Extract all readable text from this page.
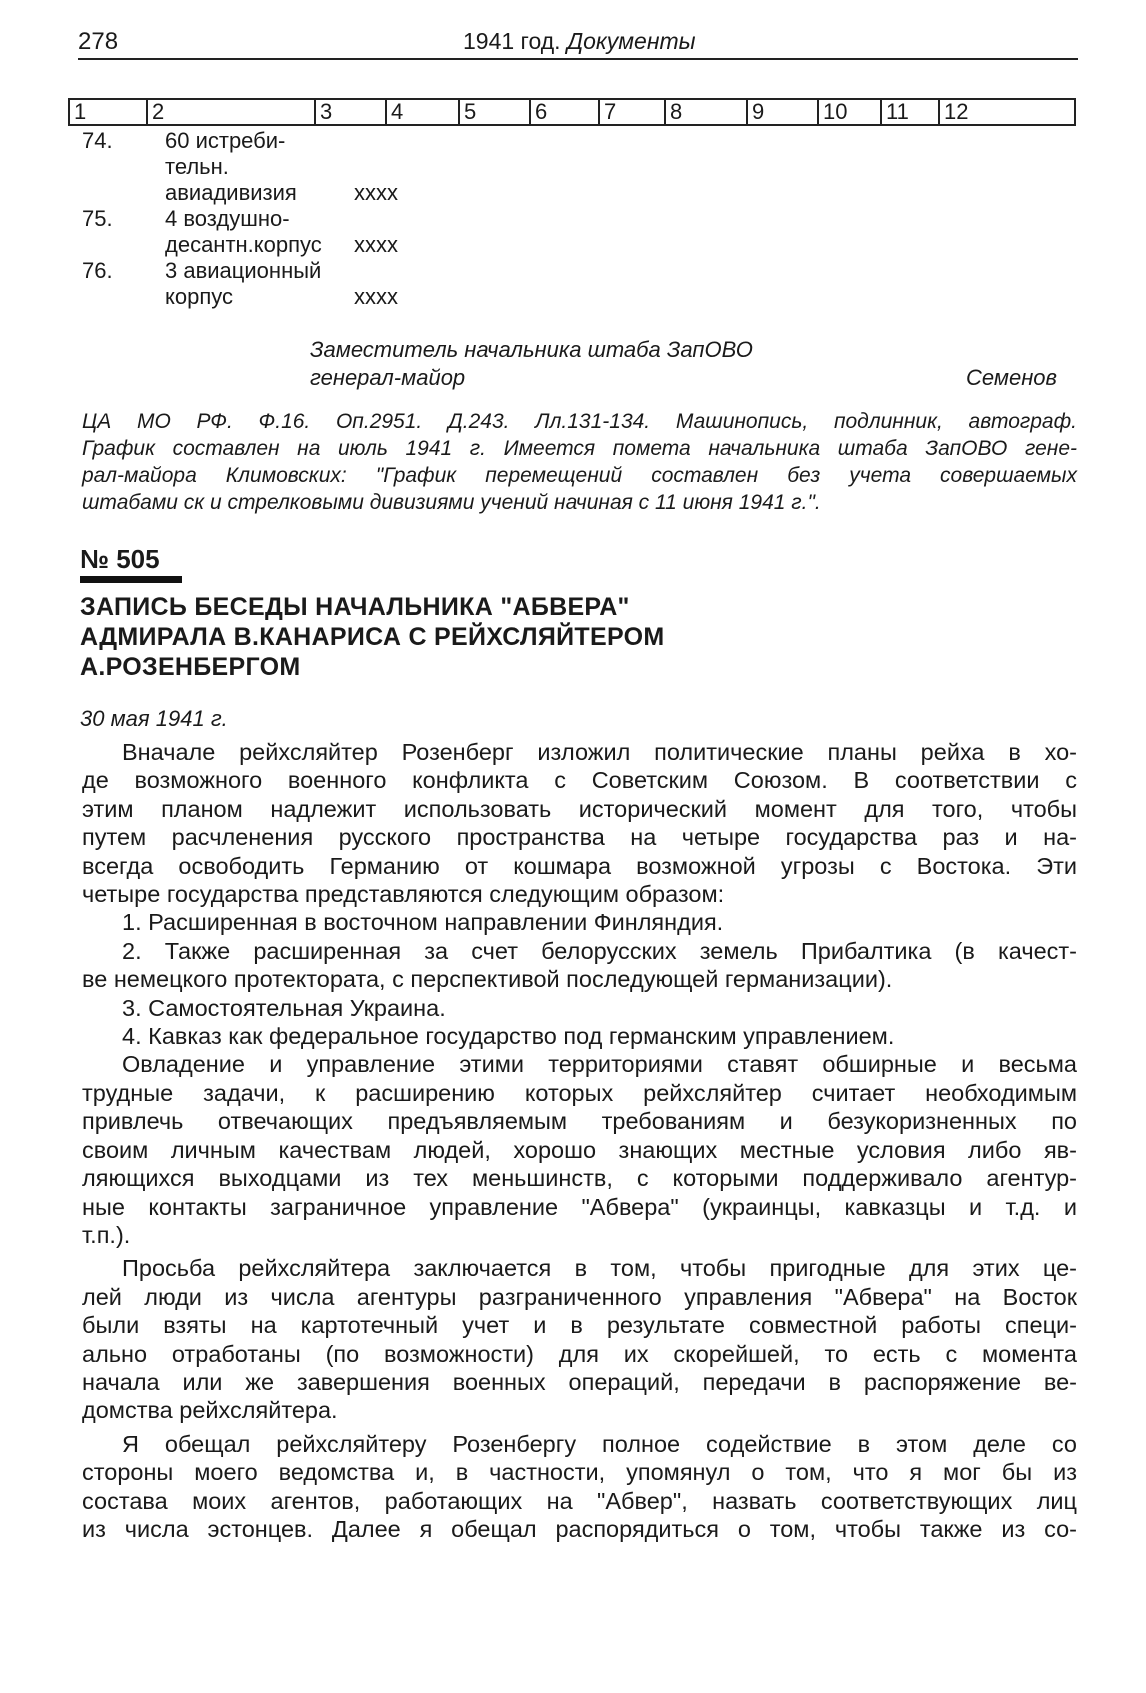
278	1941 год. Документы
1	2	3	4	5	6	7	8	9	10	11	12
74. 60 истреби-
тельн.
авиадивизия	xxxx
75. 4 воздушно-
десантн.корпус xxxx
76. 3 авиационный
корпус	xxxx
Заместитель начальника штаба ЗапОВО
генерал-майор	Семенов
ЦА МО РФ. Ф.16. Оп.2951. Д.243. Лл.131-134. Машинопись, подлинник, автограф.
График составлен на июль 1941 г. Имеется помета начальника штаба ЗапОВО гене-
рал-майора Климовских: "График перемещений составлен без учета совершаемых
штабами ск и стрелковыми дивизиями учений начиная с 11 июня 1941 г.".
№ 505
ЗАПИСЬ БЕСЕДЫ НАЧАЛЬНИКА "АБВЕРА"
АДМИРАЛА В.КАНАРИСА С РЕЙХСЛЯЙТЕРОМ
А.РОЗЕНБЕРГОМ
30 мая 1941 г.
Вначале рейхсляйтер Розенберг изложил политические планы рейха в хо-
де возможного военного конфликта с Советским Союзом. В соответствии с
этим планом надлежит использовать исторический момент для того, чтобы
путем расчленения русского пространства на четыре государства раз и на-
всегда освободить Германию от кошмара возможной угрозы с Востока. Эти
четыре государства представляются следующим образом:
1. Расширенная в восточном направлении Финляндия.
2. Также расширенная за счет белорусских земель Прибалтика (в качест-
ве немецкого протектората, с перспективой последующей германизации).
3. Самостоятельная Украина.
4. Кавказ как федеральное государство под германским управлением.
Овладение и управление этими территориями ставят обширные и весьма
трудные задачи, к расширению которых рейхсляйтер считает необходимым
привлечь отвечающих предъявляемым требованиям и безукоризненных по
своим личным качествам людей, хорошо знающих местные условия либо яв-
ляющихся выходцами из тех меньшинств, с которыми поддерживало агентур-
ные контакты заграничное управление "Абвера" (украинцы, кавказцы и т.д. и
т.п.).
Просьба рейхсляйтера заключается в том, чтобы пригодные для этих це-
лей люди из числа агентуры разграниченного управления "Абвера" на Восток
были взяты на картотечный учет и в результате совместной работы специ-
ально отработаны (по возможности) для их скорейшей, то есть с момента
начала или же завершения военных операций, передачи в распоряжение ве-
домства рейхсляйтера.
Я обещал рейхсляйтеру Розенбергу полное содействие в этом деле со
стороны моего ведомства и, в частности, упомянул о том, что я мог бы из
состава моих агентов, работающих на "Абвер", назвать соответствующих лиц
из числа эстонцев. Далее я обещал распорядиться о том, чтобы также из со-
